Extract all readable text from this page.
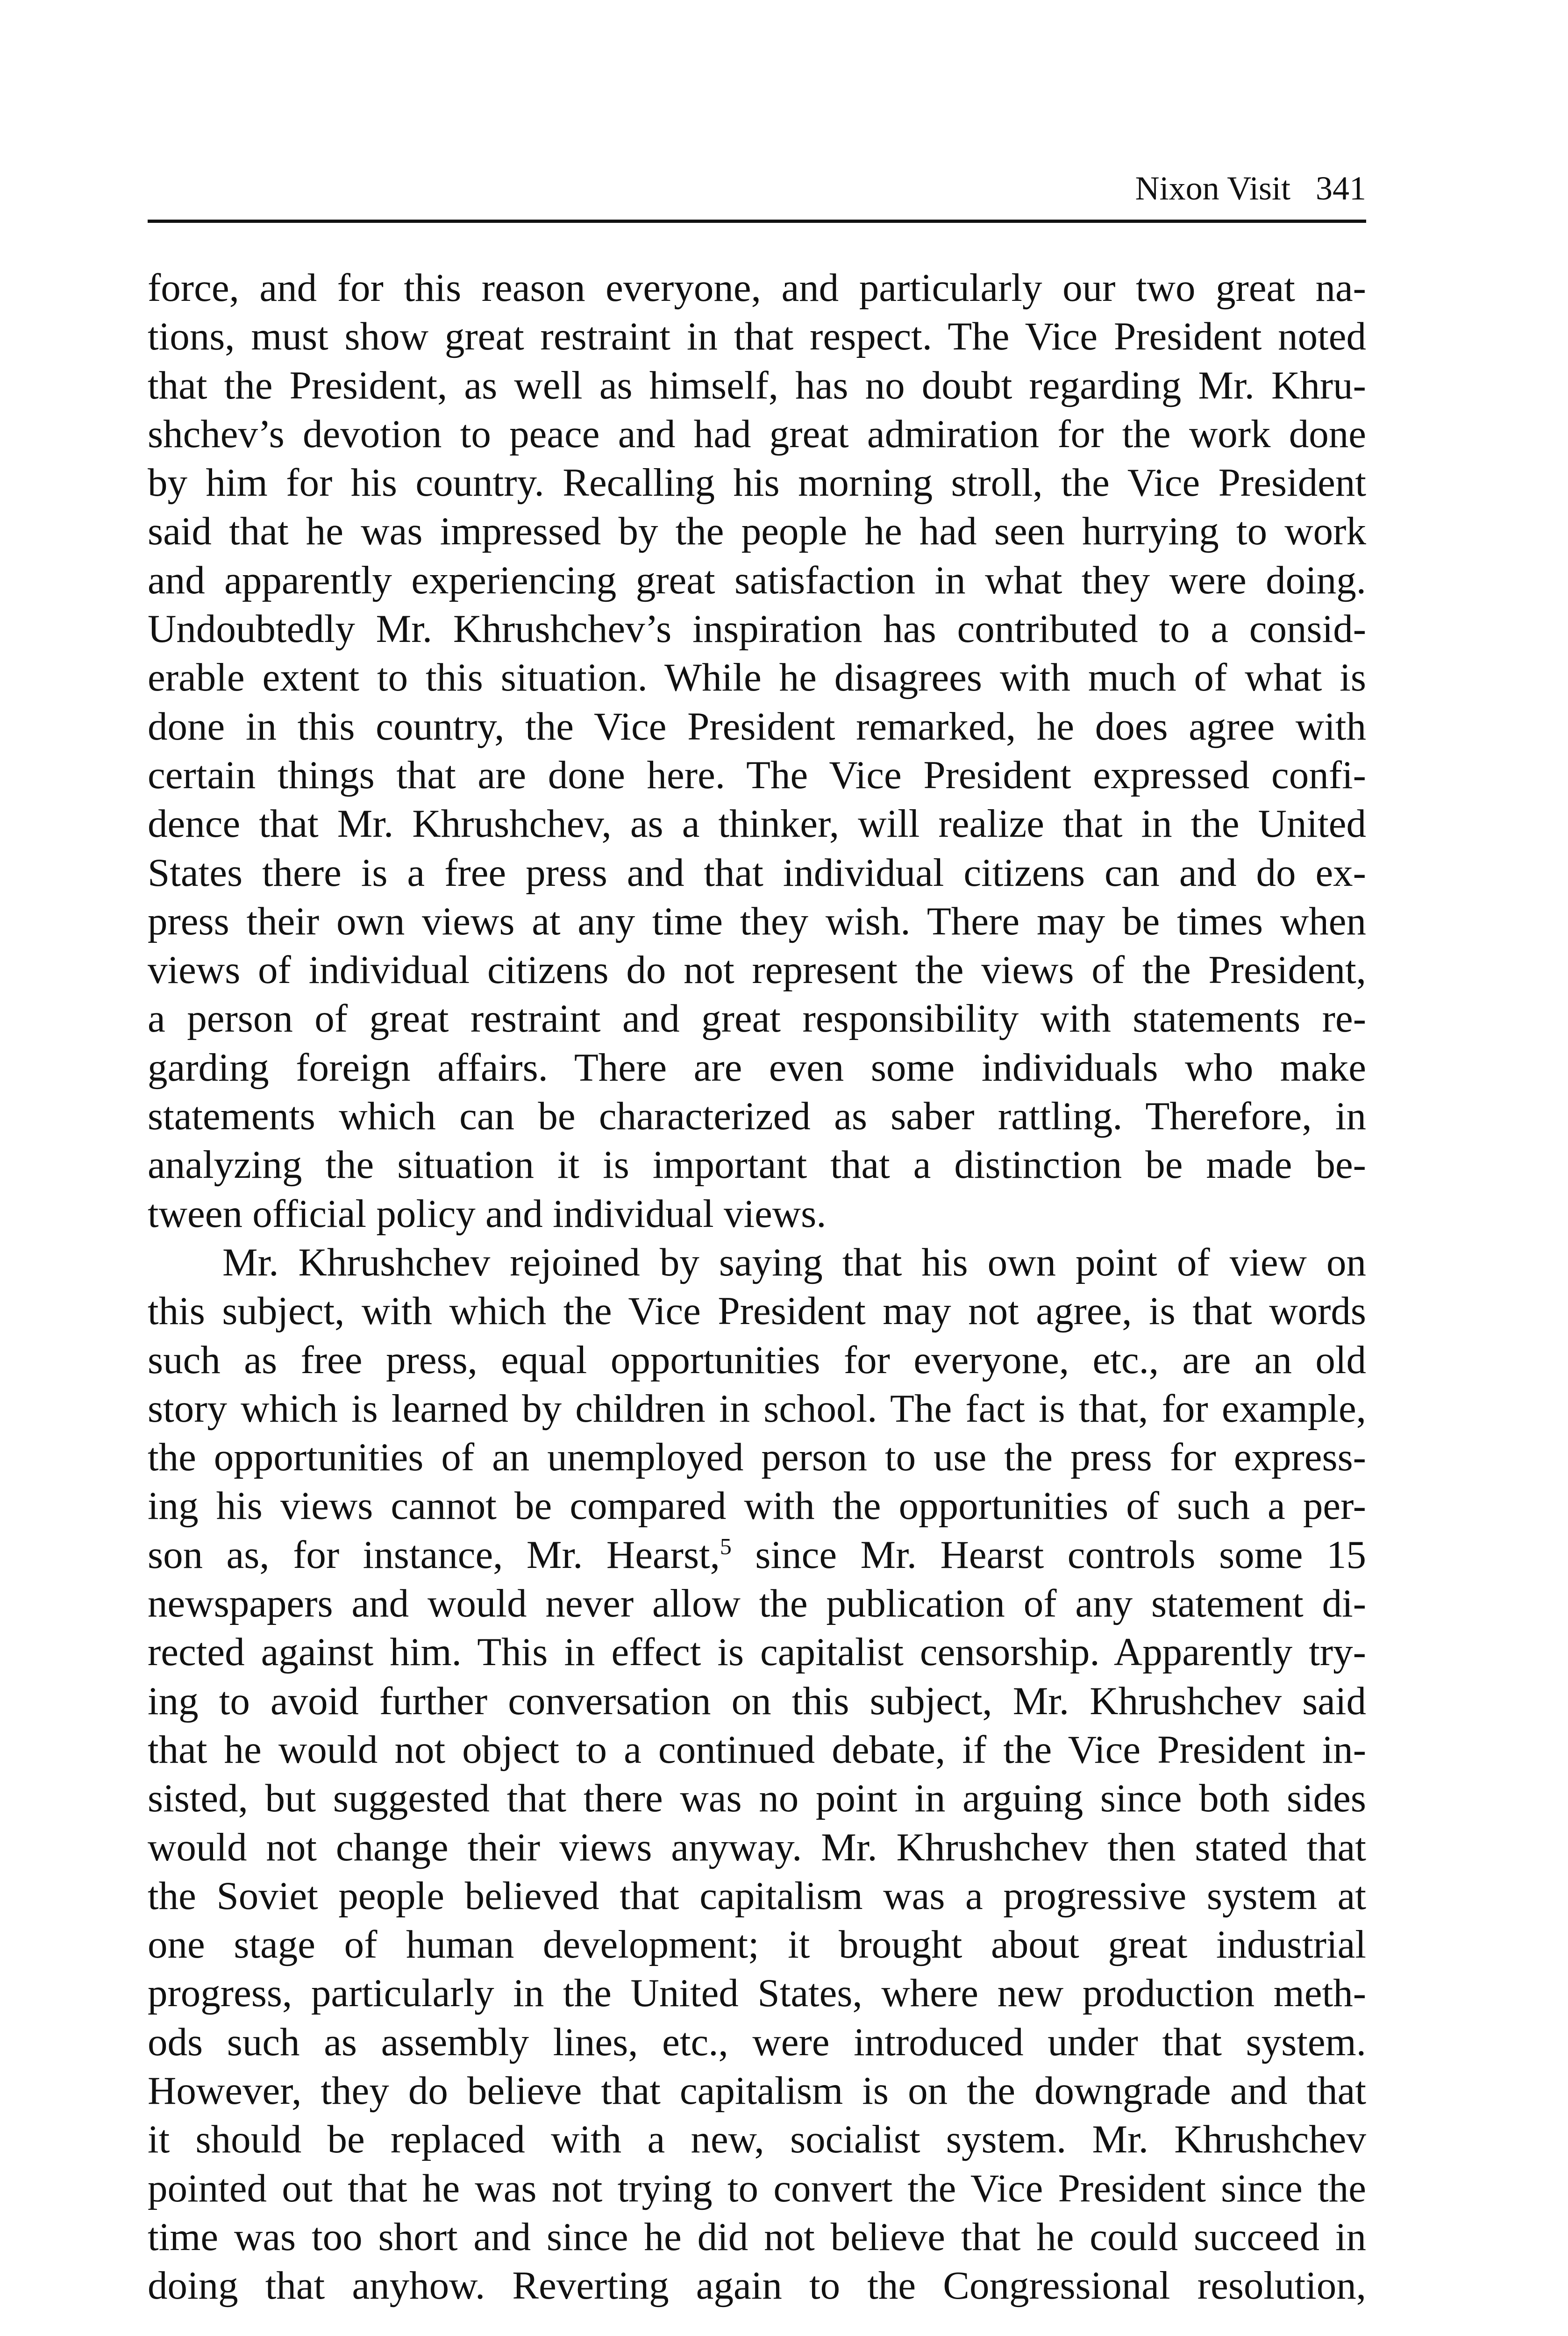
Nixon Visit   341
force, and for this reason everyone, and particularly our two great na-
tions, must show great restraint in that respect. The Vice President noted
that the President, as well as himself, has no doubt regarding Mr. Khru-
shchev’s devotion to peace and had great admiration for the work done
by him for his country. Recalling his morning stroll, the Vice President
said that he was impressed by the people he had seen hurrying to work
and apparently experiencing great satisfaction in what they were doing.
Undoubtedly Mr. Khrushchev’s inspiration has contributed to a consid-
erable extent to this situation. While he disagrees with much of what is
done in this country, the Vice President remarked, he does agree with
certain things that are done here. The Vice President expressed confi-
dence that Mr. Khrushchev, as a thinker, will realize that in the United
States there is a free press and that individual citizens can and do ex-
press their own views at any time they wish. There may be times when
views of individual citizens do not represent the views of the President,
a person of great restraint and great responsibility with statements re-
garding foreign affairs. There are even some individuals who make
statements which can be characterized as saber rattling. Therefore, in
analyzing the situation it is important that a distinction be made be-
tween official policy and individual views.
Mr. Khrushchev rejoined by saying that his own point of view on
this subject, with which the Vice President may not agree, is that words
such as free press, equal opportunities for everyone, etc., are an old
story which is learned by children in school. The fact is that, for example,
the opportunities of an unemployed person to use the press for express-
ing his views cannot be compared with the opportunities of such a per-
son as, for instance, Mr. Hearst,$^5$ since Mr. Hearst controls some 15
newspapers and would never allow the publication of any statement di-
rected against him. This in effect is capitalist censorship. Apparently try-
ing to avoid further conversation on this subject, Mr. Khrushchev said
that he would not object to a continued debate, if the Vice President in-
sisted, but suggested that there was no point in arguing since both sides
would not change their views anyway. Mr. Khrushchev then stated that
the Soviet people believed that capitalism was a progressive system at
one stage of human development; it brought about great industrial
progress, particularly in the United States, where new production meth-
ods such as assembly lines, etc., were introduced under that system.
However, they do believe that capitalism is on the downgrade and that
it should be replaced with a new, socialist system. Mr. Khrushchev
pointed out that he was not trying to convert the Vice President since the
time was too short and since he did not believe that he could succeed in
doing that anyhow. Reverting again to the Congressional resolution,
